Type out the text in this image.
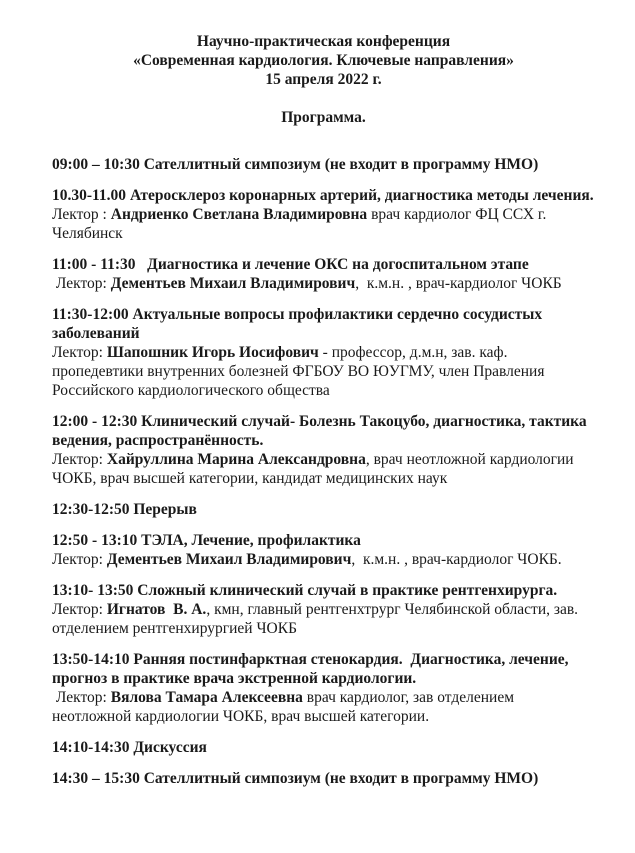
Научно-практическая конференция

«Современная кардиология. Ключевые направления»

15 апреля 2022 г.

Программа.

09:00 – 10:30 Сателлитный симпозиум (не входит в программу НМО)

10.30-11.00 Атеросклероз коронарных артерий, диагностика методы лечения.

Лектор : Андриенко Светлана Владимировна врач кардиолог ФЦ ССХ г. Челябинск

11:00 - 11:30   Диагностика и лечение ОКС на догоспитальном этапе

Лектор: Дементьев Михаил Владимирович,  к.м.н. , врач-кардиолог ЧОКБ

11:30-12:00 Актуальные вопросы профилактики сердечно сосудистых заболеваний

Лектор: Шапошник Игорь Иосифович - профессор, д.м.н, зав. каф. пропедевтики внутренних болезней ФГБОУ ВО ЮУГМУ, член Правления Российского кардиологического общества

12:00 - 12:30 Клинический случай- Болезнь Такоцубо, диагностика, тактика ведения, распространённость.

Лектор: Хайруллина Марина Александровна, врач неотложной кардиологии ЧОКБ, врач высшей категории, кандидат медицинских наук

12:30-12:50 Перерыв

12:50 - 13:10 ТЭЛА, Лечение, профилактика

Лектор: Дементьев Михаил Владимирович,  к.м.н. , врач-кардиолог ЧОКБ.

13:10- 13:50 Сложный клинический случай в практике рентгенхирурга.

Лектор: Игнатов  В. А., кмн, главный рентгенхтрург Челябинской области, зав. отделением рентгенхирургией ЧОКБ

13:50-14:10 Ранняя постинфарктная стенокардия.  Диагностика, лечение, прогноз в практике врача экстренной кардиологии.

Лектор: Вялова Тамара Алексеевна врач кардиолог, зав отделением неотложной кардиологии ЧОКБ, врач высшей категории.

14:10-14:30 Дискуссия

14:30 – 15:30 Сателлитный симпозиум (не входит в программу НМО)
